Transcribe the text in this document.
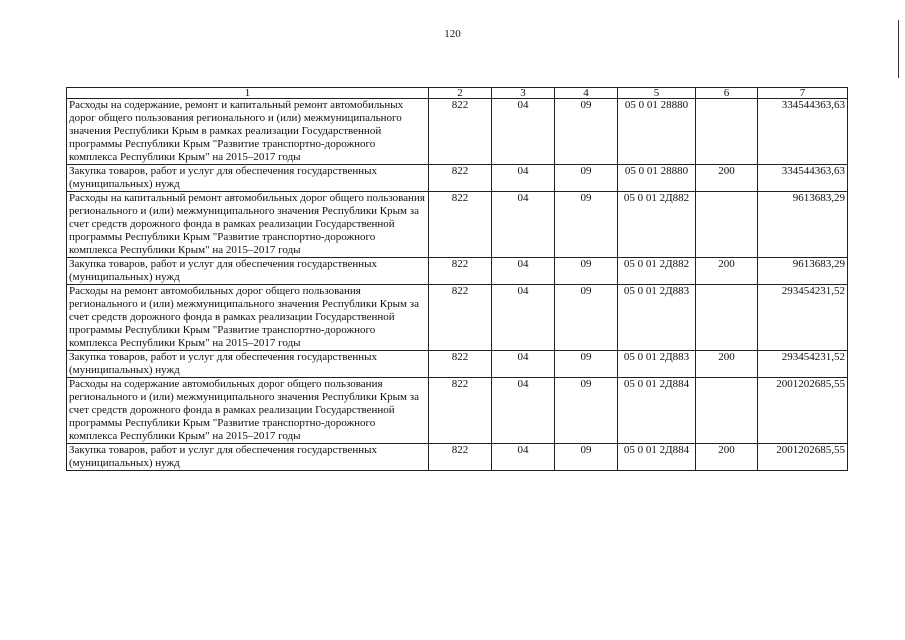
120
1	2	3	4	5	6	7
Расходы на содержание, ремонт и капитальный ремонт автомобильных дорог общего пользования регионального и (или) межмуниципального значения Республики Крым в рамках реализации Государственной программы Республики Крым "Развитие транспортно-дорожного комплекса Республики Крым" на 2015–2017 годы	822	04	09	05 0 01 28880		334544363,63
Закупка товаров, работ и услуг для обеспечения государственных (муниципальных) нужд	822	04	09	05 0 01 28880	200	334544363,63
Расходы на капитальный ремонт автомобильных дорог общего пользования регионального и (или) межмуниципального значения Республики Крым за счет средств дорожного фонда в рамках реализации Государственной программы Республики Крым "Развитие транспортно-дорожного комплекса Республики Крым" на 2015–2017 годы	822	04	09	05 0 01 2Д882		9613683,29
Закупка товаров, работ и услуг для обеспечения государственных (муниципальных) нужд	822	04	09	05 0 01 2Д882	200	9613683,29
Расходы на ремонт автомобильных дорог общего пользования регионального и (или) межмуниципального значения Республики Крым за счет средств дорожного фонда в рамках реализации Государственной программы Республики Крым "Развитие транспортно-дорожного комплекса Республики Крым" на 2015–2017 годы	822	04	09	05 0 01 2Д883		293454231,52
Закупка товаров, работ и услуг для обеспечения государственных (муниципальных) нужд	822	04	09	05 0 01 2Д883	200	293454231,52
Расходы на содержание автомобильных дорог общего пользования регионального и (или) межмуниципального значения Республики Крым за счет средств дорожного фонда в рамках реализации Государственной программы Республики Крым "Развитие транспортно-дорожного комплекса Республики Крым" на 2015–2017 годы	822	04	09	05 0 01 2Д884		2001202685,55
Закупка товаров, работ и услуг для обеспечения государственных (муниципальных) нужд	822	04	09	05 0 01 2Д884	200	2001202685,55
